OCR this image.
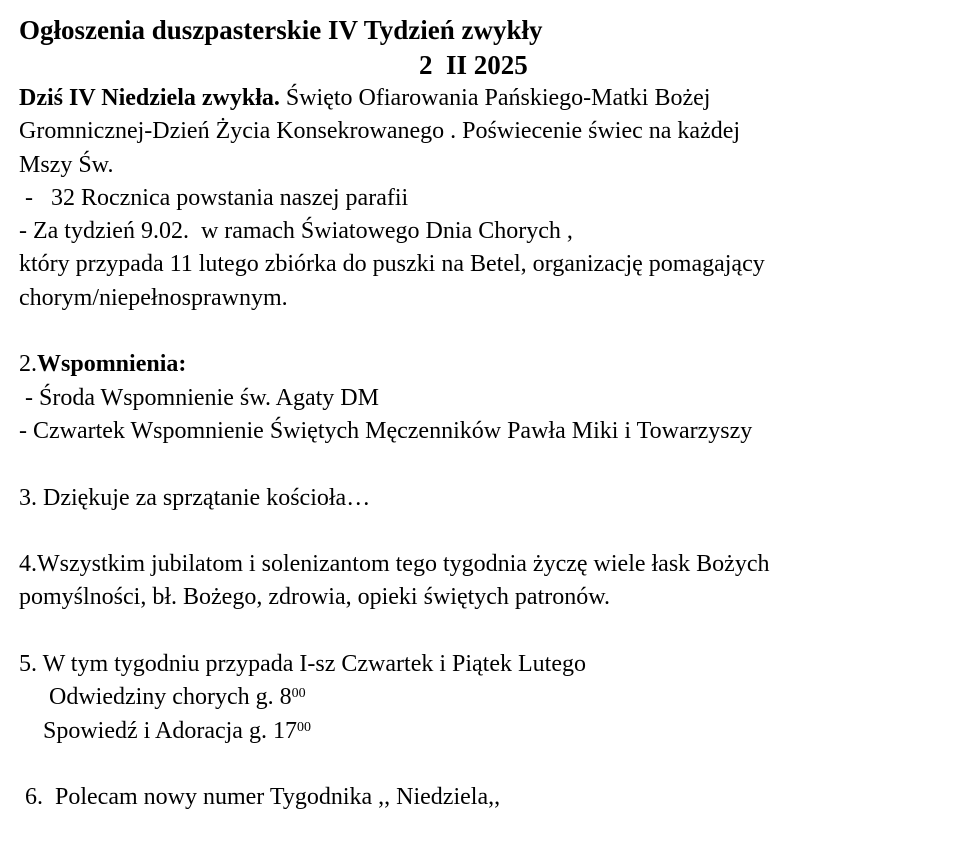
Ogłoszenia duszpasterskie IV Tydzień zwykły
2  II 2025
Dziś IV Niedziela zwykła. Święto Ofiarowania Pańskiego-Matki Bożej
Gromnicznej-Dzień Życia Konsekrowanego . Poświecenie świec na każdej
Mszy Św.
-   32 Rocznica powstania naszej parafii
- Za tydzień 9.02.  w ramach Światowego Dnia Chorych ,
który przypada 11 lutego zbiórka do puszki na Betel, organizację pomagający
chorym/niepełnosprawnym.
2.Wspomnienia:
- Środa Wspomnienie św. Agaty DM
- Czwartek Wspomnienie Świętych Męczenników Pawła Miki i Towarzyszy
3. Dziękuje za sprzątanie kościoła…
4.Wszystkim jubilatom i solenizantom tego tygodnia życzę wiele łask Bożych
pomyślności, bł. Bożego, zdrowia, opieki świętych patronów.
5. W tym tygodniu przypada I-sz Czwartek i Piątek Lutego
Odwiedziny chorych g. $8^{00}$
Spowiedź i Adoracja g. $17^{00}$
6.  Polecam nowy numer Tygodnika ,, Niedziela,,
